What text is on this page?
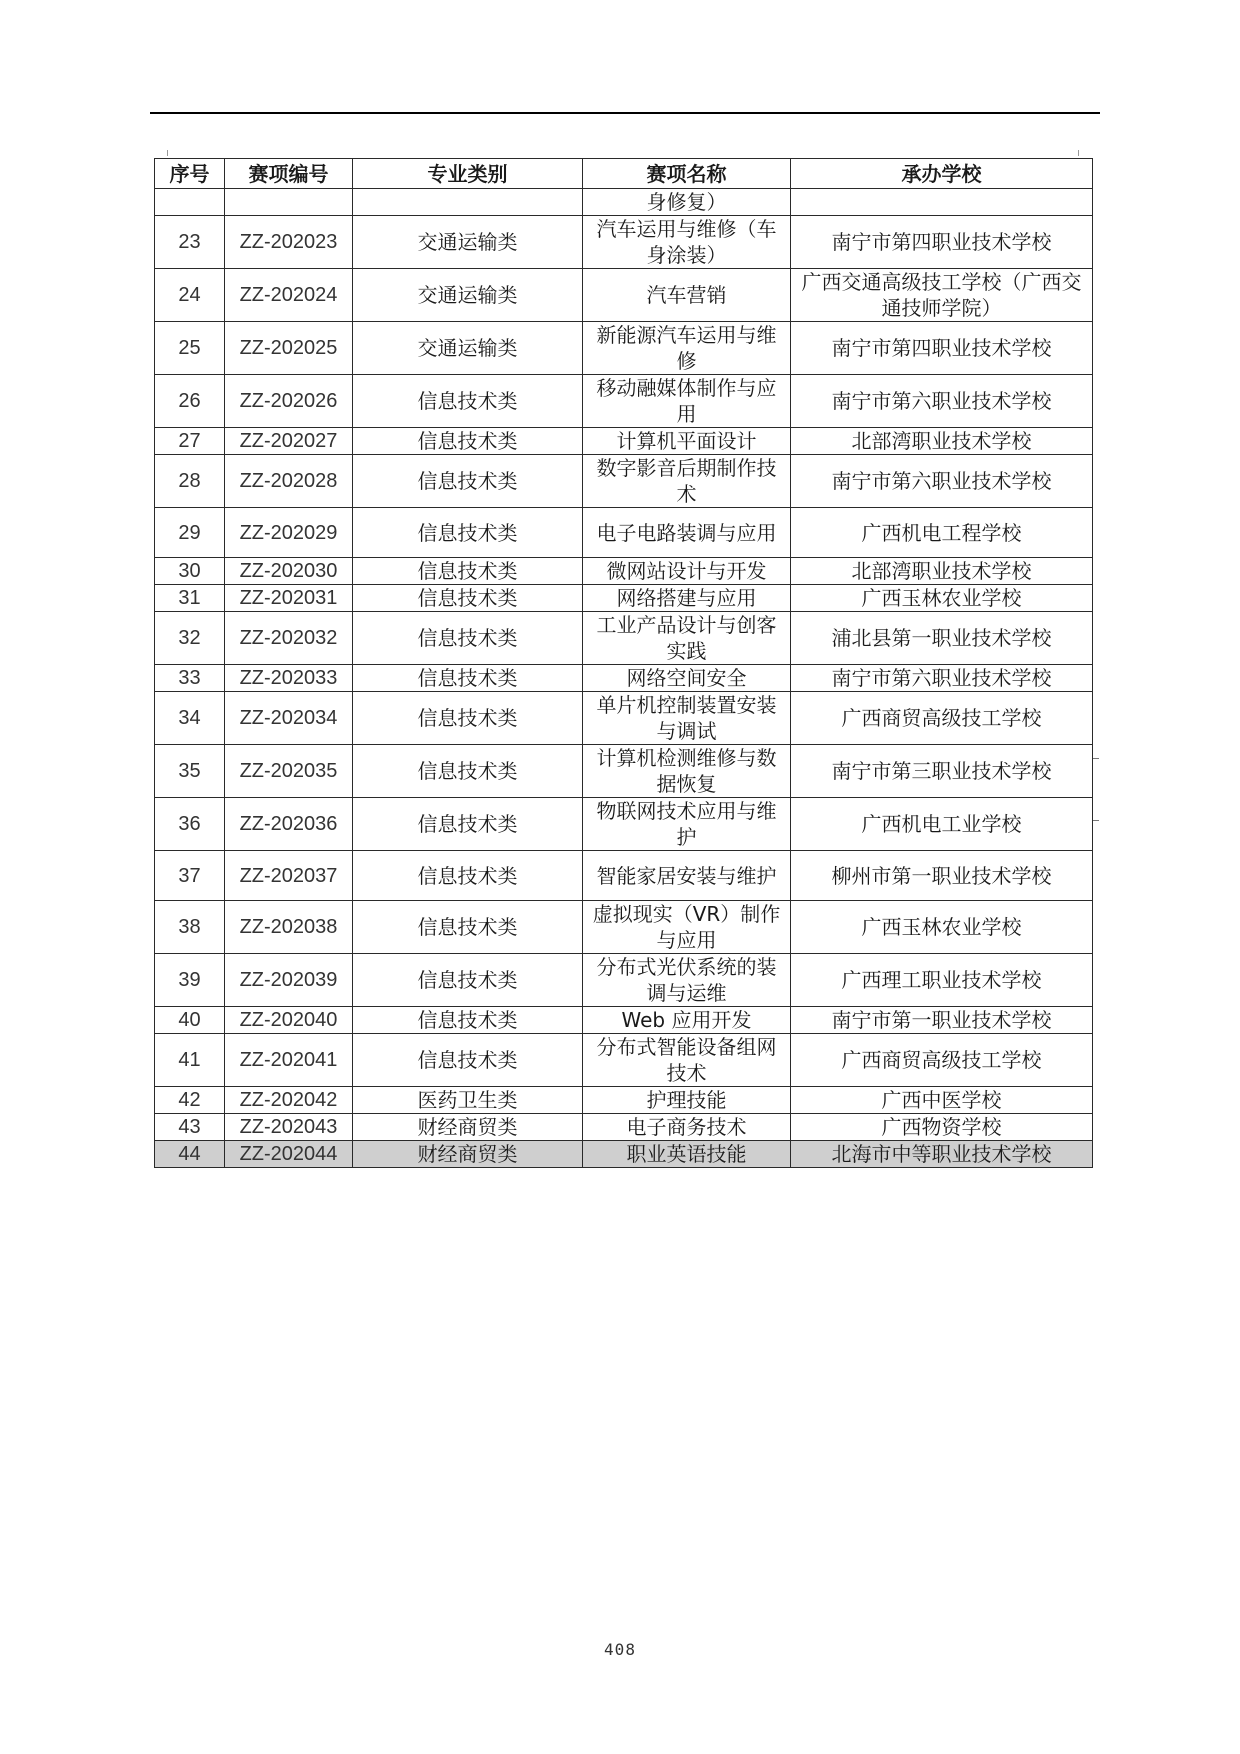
序号	赛项编号	专业类别	赛项名称	承办学校
			身修复）	
23	ZZ-202023	交通运输类	汽车运用与维修（车身涂装）	南宁市第四职业技术学校
24	ZZ-202024	交通运输类	汽车营销	广西交通高级技工学校（广西交通技师学院）
25	ZZ-202025	交通运输类	新能源汽车运用与维修	南宁市第四职业技术学校
26	ZZ-202026	信息技术类	移动融媒体制作与应用	南宁市第六职业技术学校
27	ZZ-202027	信息技术类	计算机平面设计	北部湾职业技术学校
28	ZZ-202028	信息技术类	数字影音后期制作技术	南宁市第六职业技术学校
29	ZZ-202029	信息技术类	电子电路装调与应用	广西机电工程学校
30	ZZ-202030	信息技术类	微网站设计与开发	北部湾职业技术学校
31	ZZ-202031	信息技术类	网络搭建与应用	广西玉林农业学校
32	ZZ-202032	信息技术类	工业产品设计与创客实践	浦北县第一职业技术学校
33	ZZ-202033	信息技术类	网络空间安全	南宁市第六职业技术学校
34	ZZ-202034	信息技术类	单片机控制装置安装与调试	广西商贸高级技工学校
35	ZZ-202035	信息技术类	计算机检测维修与数据恢复	南宁市第三职业技术学校
36	ZZ-202036	信息技术类	物联网技术应用与维护	广西机电工业学校
37	ZZ-202037	信息技术类	智能家居安装与维护	柳州市第一职业技术学校
38	ZZ-202038	信息技术类	虚拟现实（VR）制作与应用	广西玉林农业学校
39	ZZ-202039	信息技术类	分布式光伏系统的装调与运维	广西理工职业技术学校
40	ZZ-202040	信息技术类	Web 应用开发	南宁市第一职业技术学校
41	ZZ-202041	信息技术类	分布式智能设备组网技术	广西商贸高级技工学校
42	ZZ-202042	医药卫生类	护理技能	广西中医学校
43	ZZ-202043	财经商贸类	电子商务技术	广西物资学校
44	ZZ-202044	财经商贸类	职业英语技能	北海市中等职业技术学校
408
